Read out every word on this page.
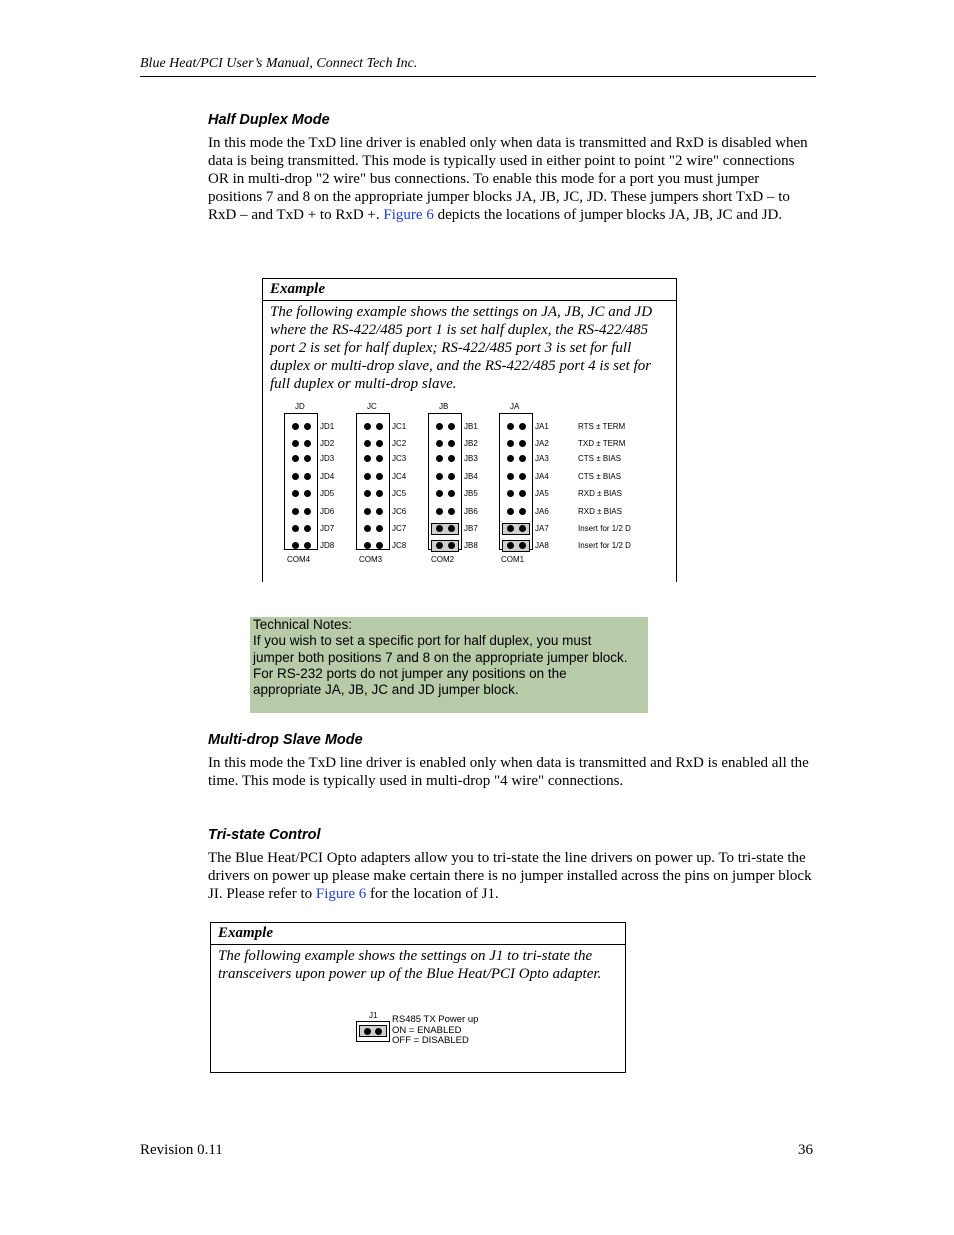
Blue Heat/PCI User’s Manual, Connect Tech Inc.
Half Duplex Mode
In this mode the TxD line driver is enabled only when data is transmitted and RxD is disabled when data is being transmitted. This mode is typically used in either point to point "2 wire" connections OR in multi-drop "2 wire" bus connections. To enable this mode for a port you must jumper positions 7 and 8 on the appropriate jumper blocks JA, JB, JC, JD. These jumpers short TxD – to RxD – and TxD + to RxD +. Figure 6 depicts the locations of jumper blocks JA, JB, JC and JD.
Example
The following example shows the settings on JA, JB, JC and JD where the RS-422/485 port 1 is set half duplex, the RS-422/485 port 2 is set for half duplex; RS-422/485 port 3 is set for full duplex or multi-drop slave, and the RS-422/485 port 4 is set for full duplex or multi-drop slave.
JD
JD1
JD2
JD3
JD4
JD5
JD6
JD7
JD8
COM4
JC
JC1
JC2
JC3
JC4
JC5
JC6
JC7
JC8
COM3
JB
JB1
JB2
JB3
JB4
JB5
JB6
JB7
JB8
COM2
JA
JA1
JA2
JA3
JA4
JA5
JA6
JA7
JA8
COM1
RTS ± TERM
TXD ± TERM
CTS ± BIAS
CTS ± BIAS
RXD ± BIAS
RXD ± BIAS
Insert for 1/2 D
Insert for 1/2 D
Technical Notes:
If you wish to set a specific port for half duplex, you must
jumper both positions 7 and 8 on the appropriate jumper block.
For RS-232 ports do not jumper any positions on the
appropriate JA, JB, JC and JD jumper block.
Multi-drop Slave Mode
In this mode the TxD line driver is enabled only when data is transmitted and RxD is enabled all the time. This mode is typically used in multi-drop "4 wire" connections.
Tri-state Control
The Blue Heat/PCI Opto adapters allow you to tri-state the line drivers on power up. To tri-state the drivers on power up please make certain there is no jumper installed across the pins on jumper block JI. Please refer to Figure 6 for the location of J1.
Example
The following example shows the settings on J1 to tri-state the transceivers upon power up of the Blue Heat/PCI Opto adapter.
J1 RS485 TX Power up
ON = ENABLED
OFF = DISABLED
Revision 0.11	36
